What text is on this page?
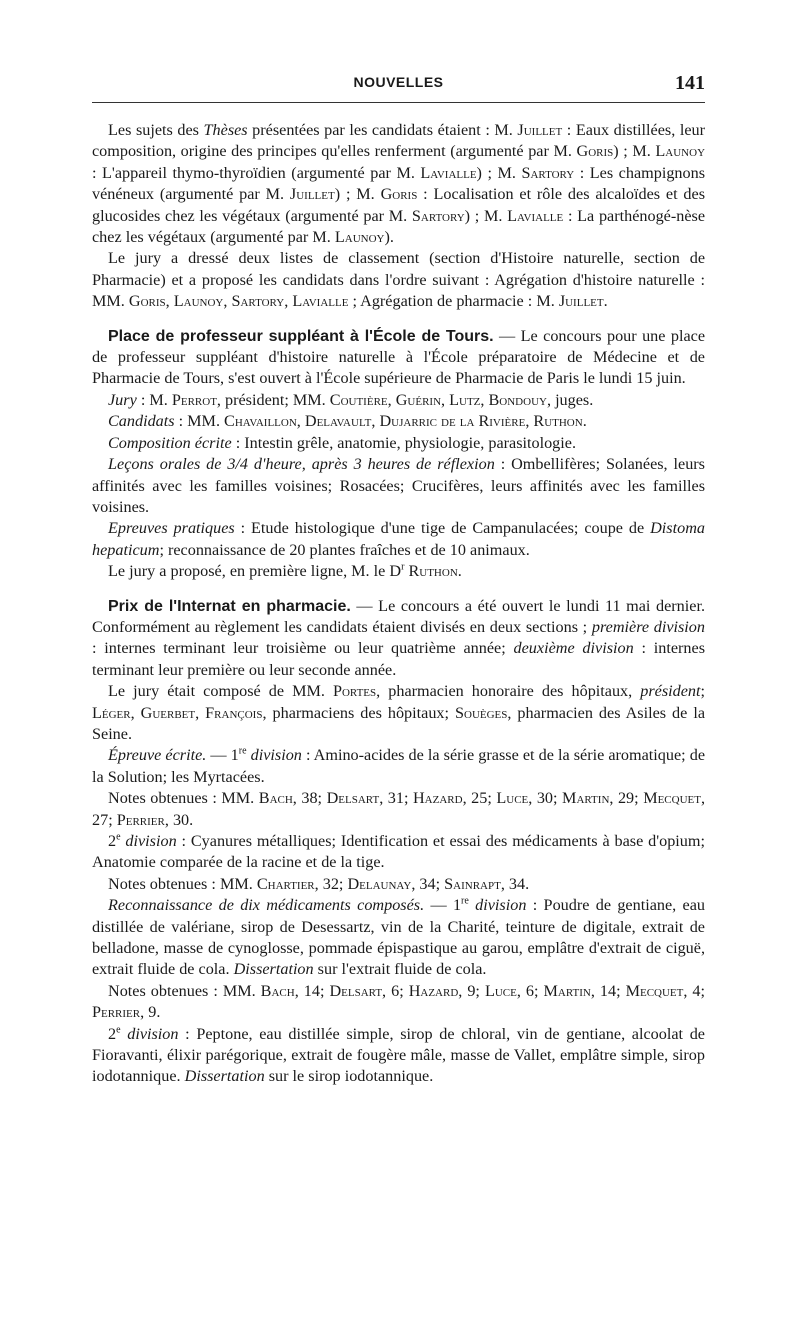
NOUVELLES	141

Les sujets des Thèses présentées par les candidats étaient : M. Juillet : Eaux distillées, leur composition, origine des principes qu'elles renferment (argumenté par M. Goris) ; M. Launoy : L'appareil thymo-thyroïdien (argumenté par M. Lavialle) ; M. Sartory : Les champignons vénéneux (argumenté par M. Juillet) ; M. Goris : Localisation et rôle des alcaloïdes et des glucosides chez les végétaux (argumenté par M. Sartory) ; M. Lavialle : La parthénogé-nèse chez les végétaux (argumenté par M. Launoy).

Le jury a dressé deux listes de classement (section d'Histoire naturelle, section de Pharmacie) et a proposé les candidats dans l'ordre suivant : Agrégation d'histoire naturelle : MM. Goris, Launoy, Sartory, Lavialle ; Agrégation de pharmacie : M. Juillet.

Place de professeur suppléant à l'École de Tours. — Le concours pour une place de professeur suppléant d'histoire naturelle à l'École préparatoire de Médecine et de Pharmacie de Tours, s'est ouvert à l'École supérieure de Pharmacie de Paris le lundi 15 juin.

Jury : M. Perrot, président; MM. Coutière, Guérin, Lutz, Bondouy, juges.

Candidats : MM. Chavaillon, Delavault, Dujarric de la Rivière, Ruthon.

Composition écrite : Intestin grêle, anatomie, physiologie, parasitologie.

Leçons orales de 3/4 d'heure, après 3 heures de réflexion : Ombellifères; Solanées, leurs affinités avec les familles voisines; Rosacées; Crucifères, leurs affinités avec les familles voisines.

Epreuves pratiques : Etude histologique d'une tige de Campanulacées; coupe de Distoma hepaticum; reconnaissance de 20 plantes fraîches et de 10 animaux.

Le jury a proposé, en première ligne, M. le $D^r$ Ruthon.

Prix de l'Internat en pharmacie. — Le concours a été ouvert le lundi 11 mai dernier. Conformément au règlement les candidats étaient divisés en deux sections ; première division : internes terminant leur troisième ou leur quatrième année; deuxième division : internes terminant leur première ou leur seconde année.

Le jury était composé de MM. Portes, pharmacien honoraire des hôpitaux, président; Léger, Guerbet, François, pharmaciens des hôpitaux; Souèges, pharmacien des Asiles de la Seine.

Épreuve écrite. — 1re division : Amino-acides de la série grasse et de la série aromatique; de la Solution; les Myrtacées.

Notes obtenues : MM. Bach, 38; Delsart, 31; Hazard, 25; Luce, 30; Martin, 29; Mecquet, 27; Perrier, 30.

2e division : Cyanures métalliques; Identification et essai des médicaments à base d'opium; Anatomie comparée de la racine et de la tige.

Notes obtenues : MM. Chartier, 32; Delaunay, 34; Sainrapt, 34.

Reconnaissance de dix médicaments composés. — 1re division : Poudre de gentiane, eau distillée de valériane, sirop de Desessartz, vin de la Charité, teinture de digitale, extrait de belladone, masse de cynoglosse, pommade épispastique au garou, emplâtre d'extrait de ciguë, extrait fluide de cola. Dissertation sur l'extrait fluide de cola.

Notes obtenues : MM. Bach, 14; Delsart, 6; Hazard, 9; Luce, 6; Martin, 14; Mecquet, 4; Perrier, 9.

2e division : Peptone, eau distillée simple, sirop de chloral, vin de gentiane, alcoolat de Fioravanti, élixir parégorique, extrait de fougère mâle, masse de Vallet, emplâtre simple, sirop iodotannique. Dissertation sur le sirop iodotannique.
